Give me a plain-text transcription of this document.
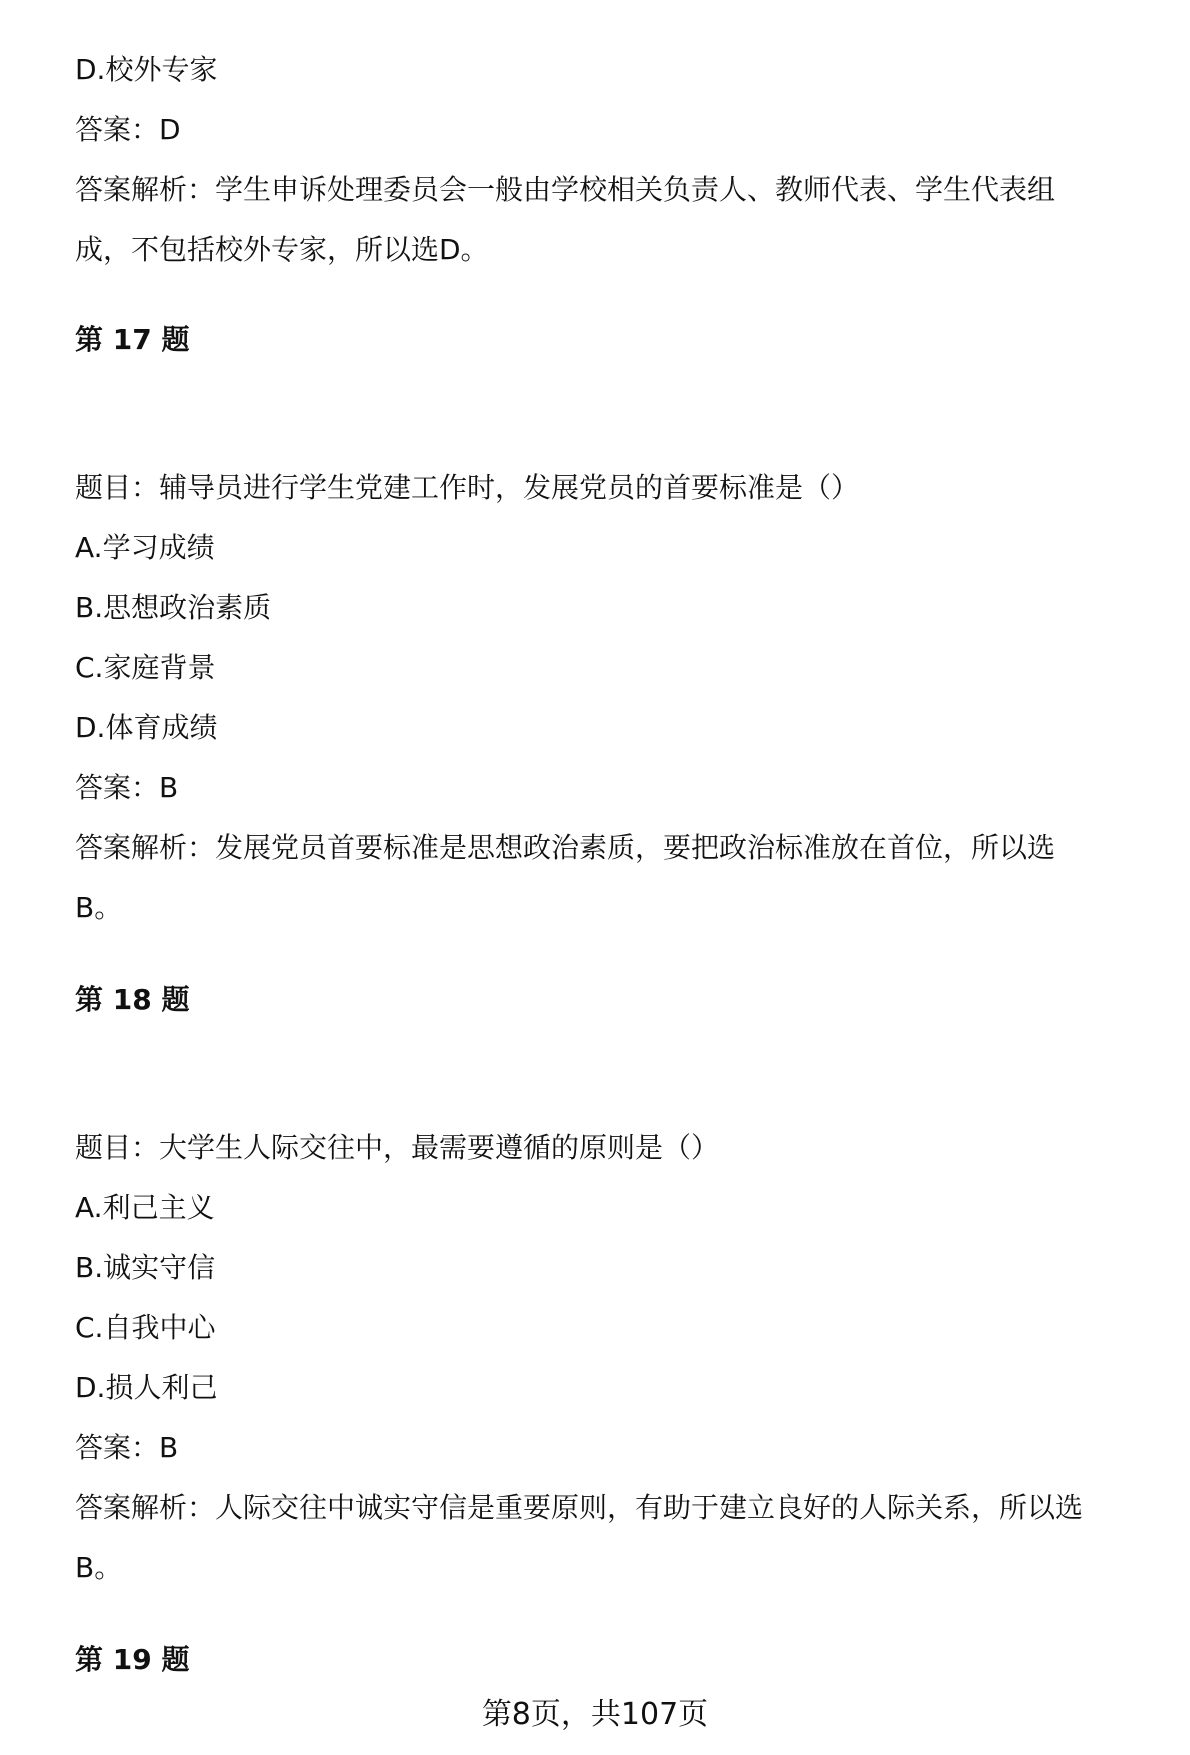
D.校外专家
答案：D
答案解析：学生申诉处理委员会一般由学校相关负责人、教师代表、学生代表组
成，不包括校外专家，所以选D。
第 17 题
题目：辅导员进行学生党建工作时，发展党员的首要标准是（）
A.学习成绩
B.思想政治素质
C.家庭背景
D.体育成绩
答案：B
答案解析：发展党员首要标准是思想政治素质，要把政治标准放在首位，所以选
B。
第 18 题
题目：大学生人际交往中，最需要遵循的原则是（）
A.利己主义
B.诚实守信
C.自我中心
D.损人利己
答案：B
答案解析：人际交往中诚实守信是重要原则，有助于建立良好的人际关系，所以选
B。
第 19 题
第8页，共107页
